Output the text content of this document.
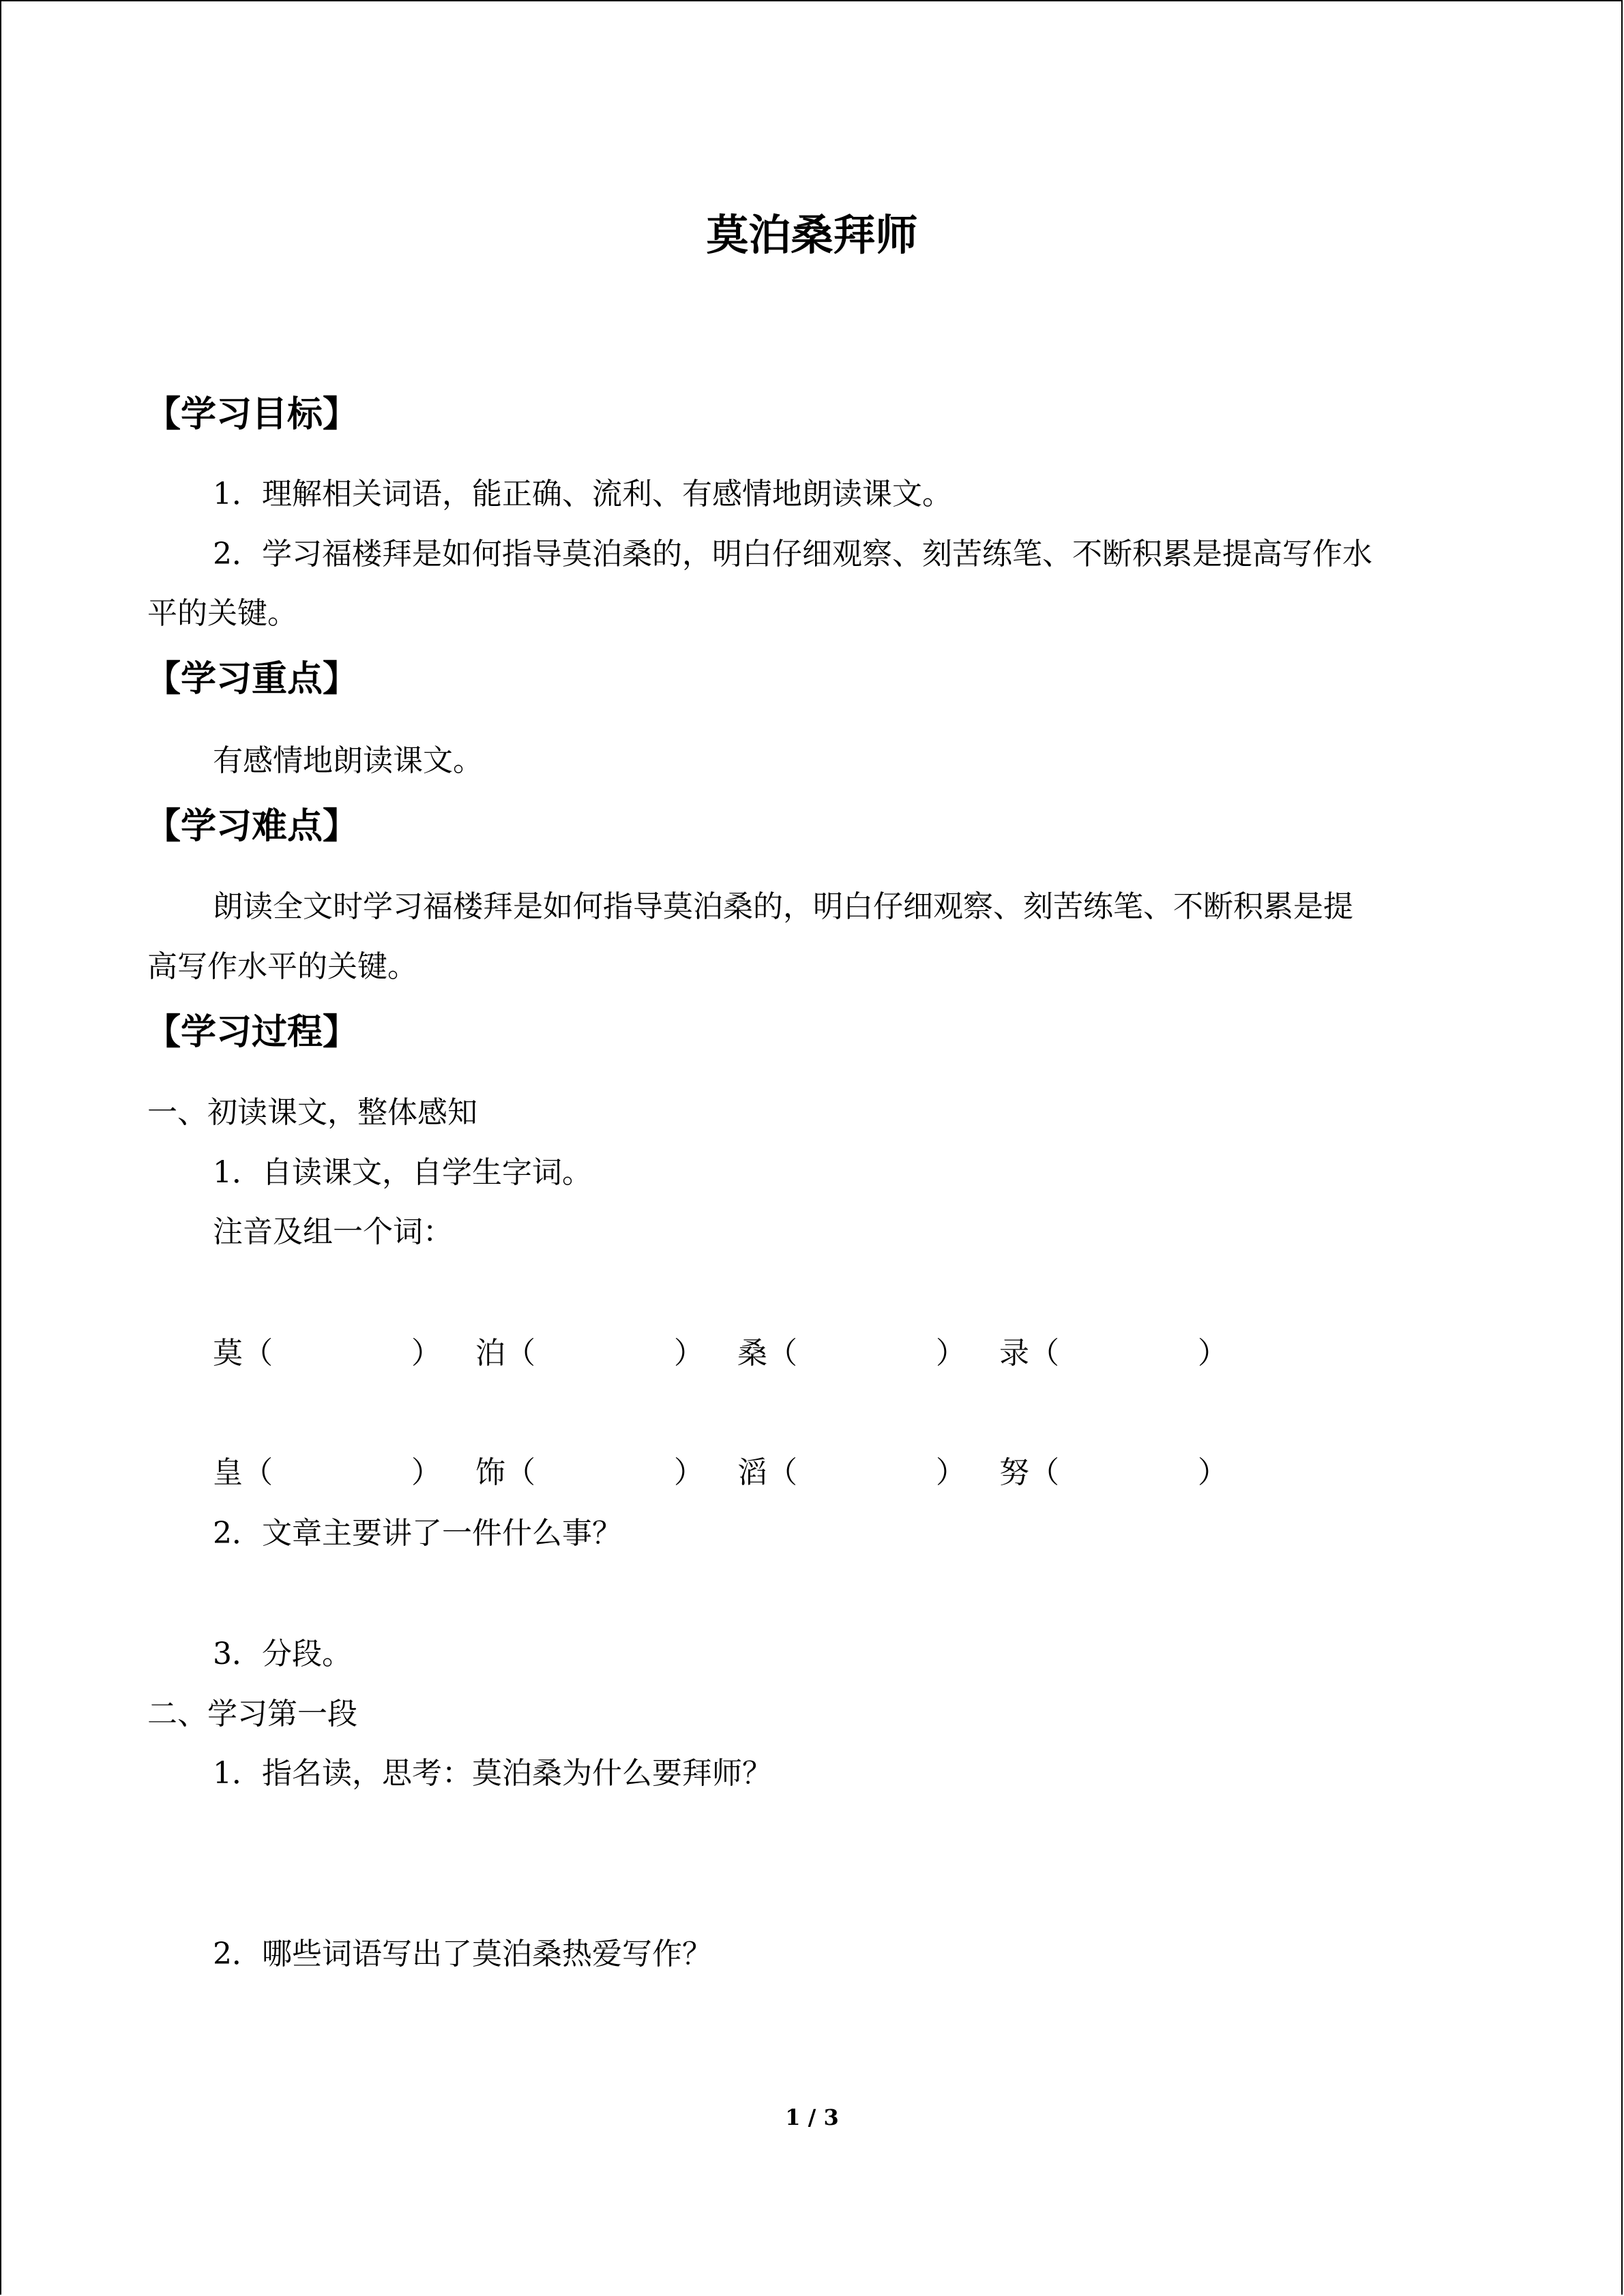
莫泊桑拜师
【学习目标】
1．理解相关词语，能正确、流利、有感情地朗读课文。
2．学习福楼拜是如何指导莫泊桑的，明白仔细观察、刻苦练笔、不断积累是提高写作水
平的关键。
【学习重点】
有感情地朗读课文。
【学习难点】
朗读全文时学习福楼拜是如何指导莫泊桑的，明白仔细观察、刻苦练笔、不断积累是提
高写作水平的关键。
【学习过程】
一、初读课文，整体感知
1．自读课文，自学生字词。
注音及组一个词：
莫（	） 泊（	） 桑（	） 录（	）
皇（	） 饰（	） 滔（	） 努（	）
2．文章主要讲了一件什么事？
3．分段。
二、学习第一段
1．指名读，思考：莫泊桑为什么要拜师？
2．哪些词语写出了莫泊桑热爱写作？
1 / 3
